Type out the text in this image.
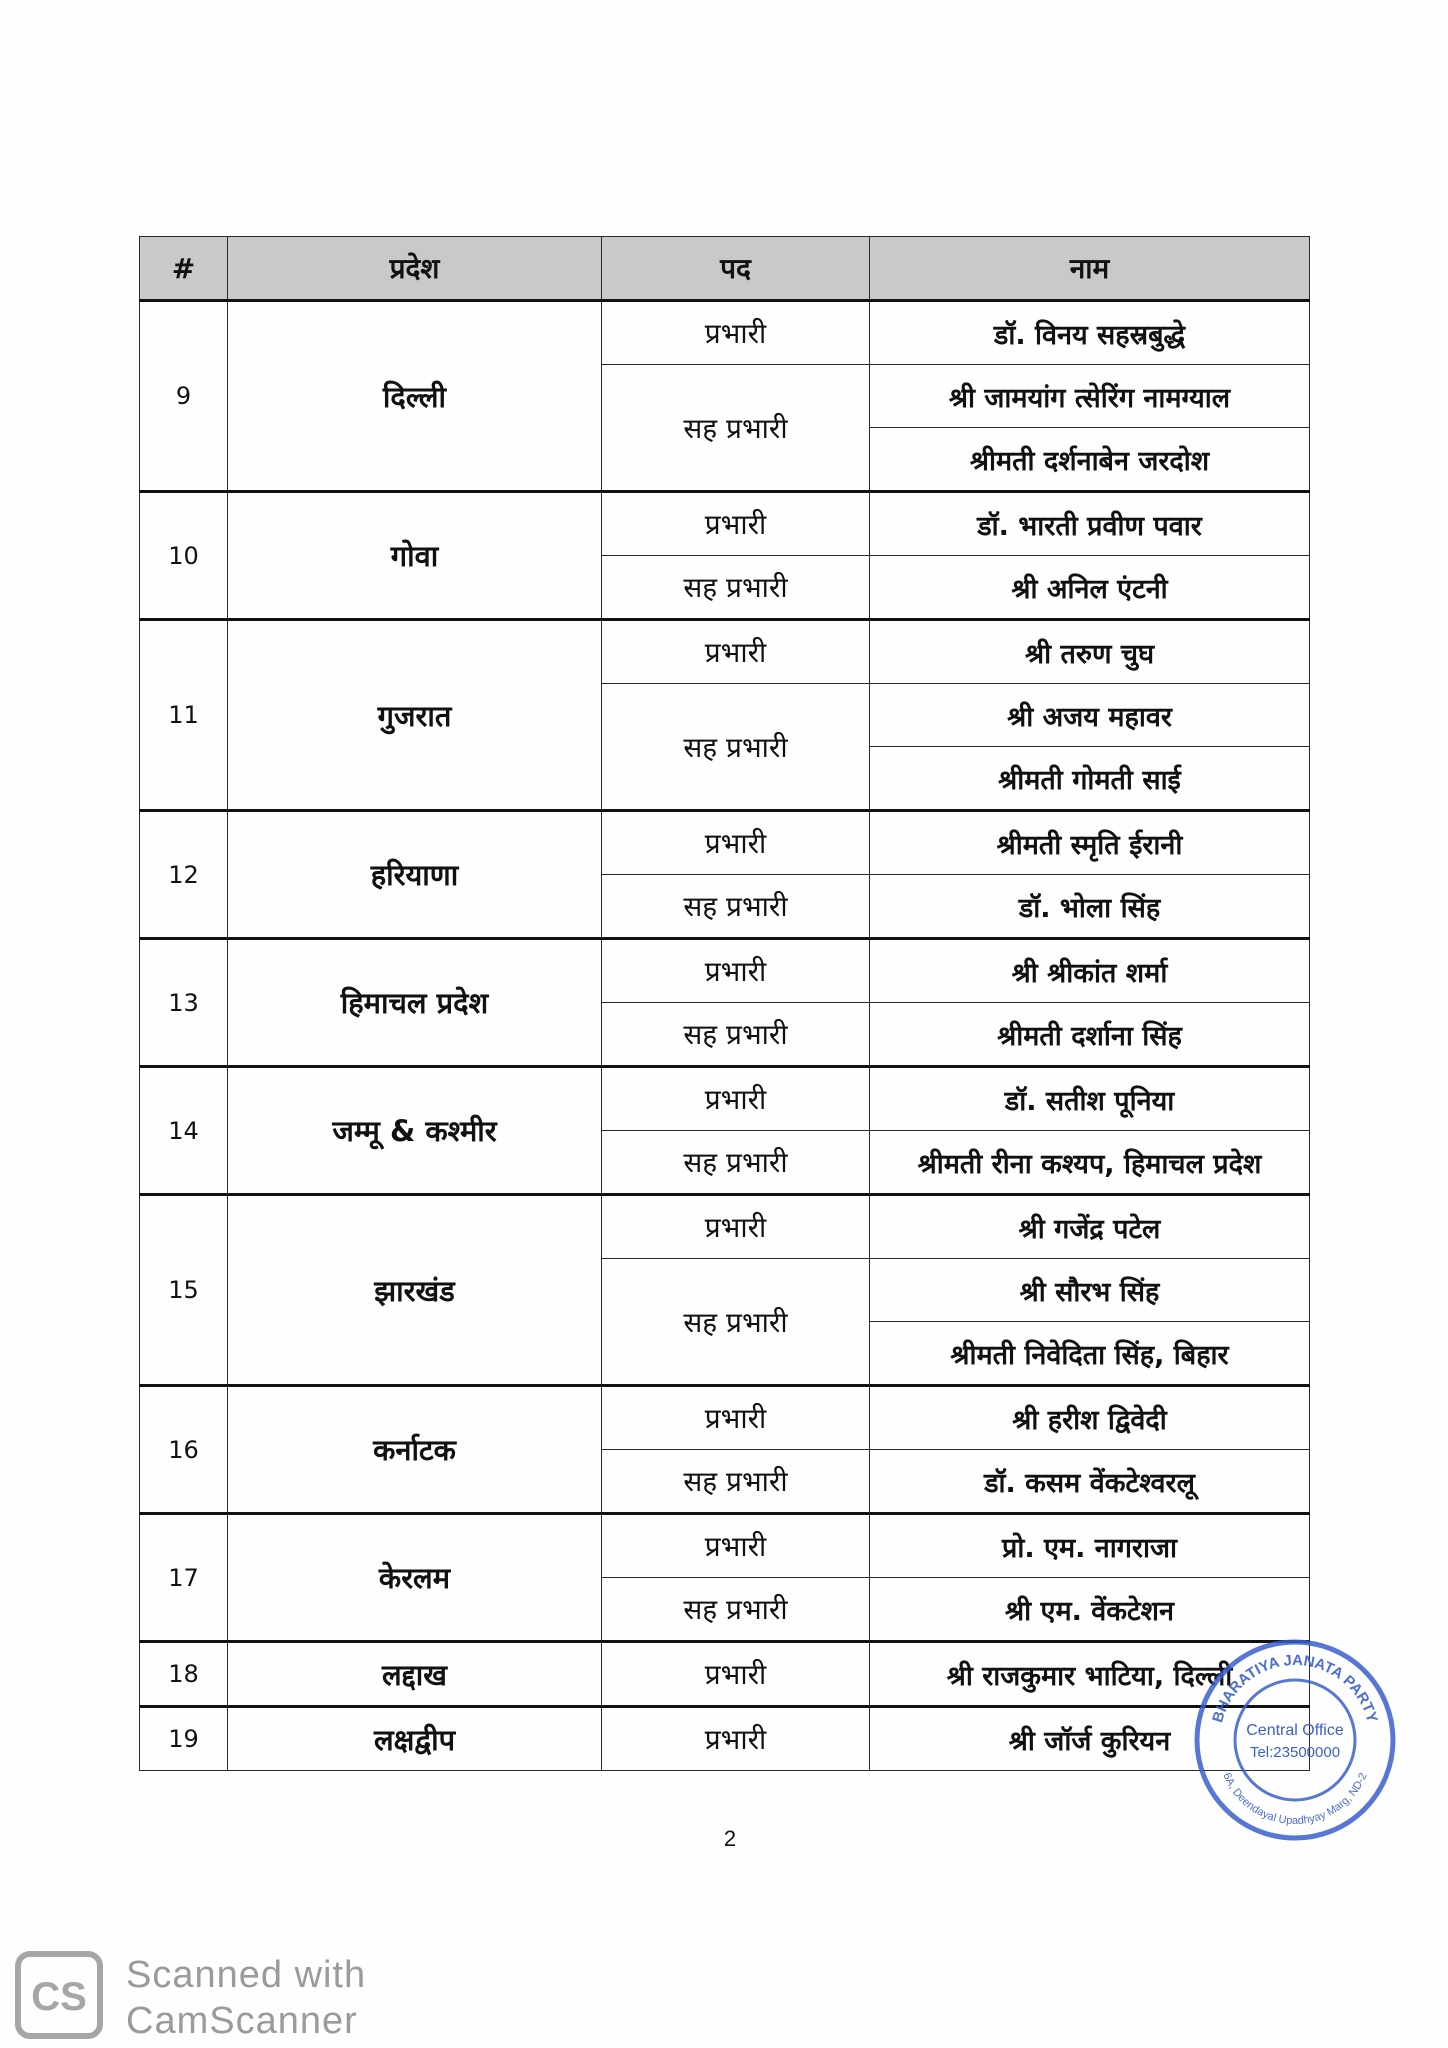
#	प्रदेश	पद	नाम
9	दिल्ली	प्रभारी	डॉ. विनय सहस्रबुद्धे
		सह प्रभारी	श्री जामयांग त्सेरिंग नामग्याल
			श्रीमती दर्शनाबेन जरदोश
10	गोवा	प्रभारी	डॉ. भारती प्रवीण पवार
		सह प्रभारी	श्री अनिल एंटनी
11	गुजरात	प्रभारी	श्री तरुण चुघ
		सह प्रभारी	श्री अजय महावर
			श्रीमती गोमती साई
12	हरियाणा	प्रभारी	श्रीमती स्मृति ईरानी
		सह प्रभारी	डॉ. भोला सिंह
13	हिमाचल प्रदेश	प्रभारी	श्री श्रीकांत शर्मा
		सह प्रभारी	श्रीमती दर्शाना सिंह
14	जम्मू & कश्मीर	प्रभारी	डॉ. सतीश पूनिया
		सह प्रभारी	श्रीमती रीना कश्यप, हिमाचल प्रदेश
15	झारखंड	प्रभारी	श्री गजेंद्र पटेल
		सह प्रभारी	श्री सौरभ सिंह
			श्रीमती निवेदिता सिंह, बिहार
16	कर्नाटक	प्रभारी	श्री हरीश द्विवेदी
		सह प्रभारी	डॉ. कसम वेंकटेश्वरलू
17	केरलम	प्रभारी	प्रो. एम. नागराजा
		सह प्रभारी	श्री एम. वेंकटेशन
18	लद्दाख	प्रभारी	श्री राजकुमार भाटिया, दिल्ली
19	लक्षद्वीप	प्रभारी	श्री जॉर्ज कुरियन
2
BHARATIYA JANATA PARTY
6A, Deendayal Upadhyay Marg, ND-2
Central Office
Tel:23500000
CS Scanned with
CamScanner
